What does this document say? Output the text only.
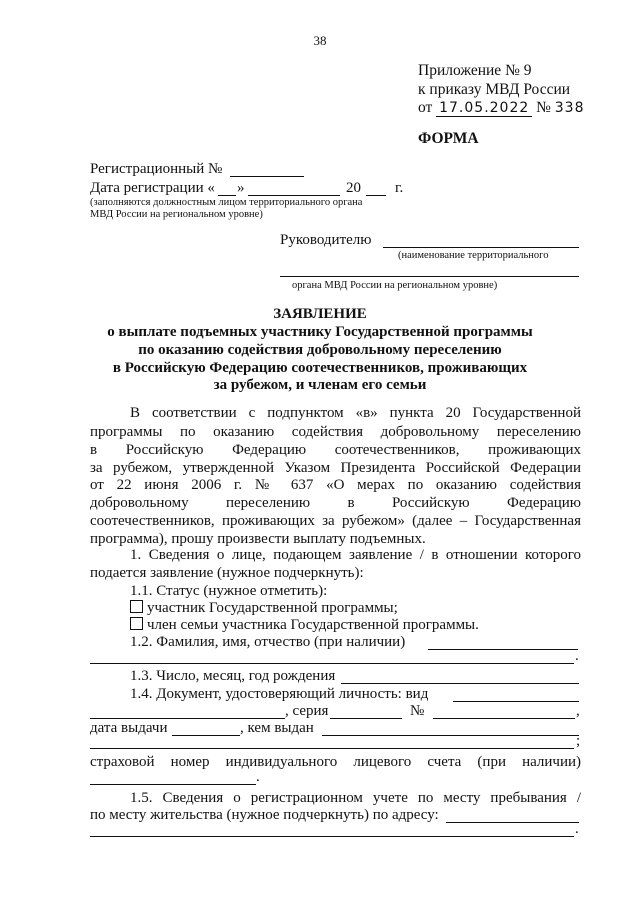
38
Приложение № 9
к приказу МВД России
от 17.05.2022 № 338
ФОРМА
Регистрационный №
Дата регистрации « »	20 г.
(заполняются должностным лицом территориального органа
МВД России на региональном уровне)
Руководителю
(наименование территориального
органа МВД России на региональном уровне)
ЗАЯВЛЕНИЕ
о выплате подъемных участнику Государственной программы
по оказанию содействия добровольному переселению
в Российскую Федерацию соотечественников, проживающих
за рубежом, и членам его семьи
В соответствии с подпунктом «в» пункта 20 Государственной
программы по оказанию содействия добровольному переселению
в Российскую Федерацию соотечественников, проживающих
за рубежом, утвержденной Указом Президента Российской Федерации
от 22 июня 2006 г. № 637 «О мерах по оказанию содействия
добровольному переселению в Российскую Федерацию
соотечественников, проживающих за рубежом» (далее – Государственная
программа), прошу произвести выплату подъемных.
1. Сведения о лице, подающем заявление / в отношении которого
подается заявление (нужное подчеркнуть):
1.1. Статус (нужное отметить):
участник Государственной программы;
член семьи участника Государственной программы.
1.2. Фамилия, имя, отчество (при наличии)
.
1.3. Число, месяц, год рождения
1.4. Документ, удостоверяющий личность: вид
, серия	№	,
дата выдачи	, кем выдан
;
страховой номер индивидуального лицевого счета (при наличии)
.
1.5. Сведения о регистрационном учете по месту пребывания /
по месту жительства (нужное подчеркнуть) по адресу:
.
